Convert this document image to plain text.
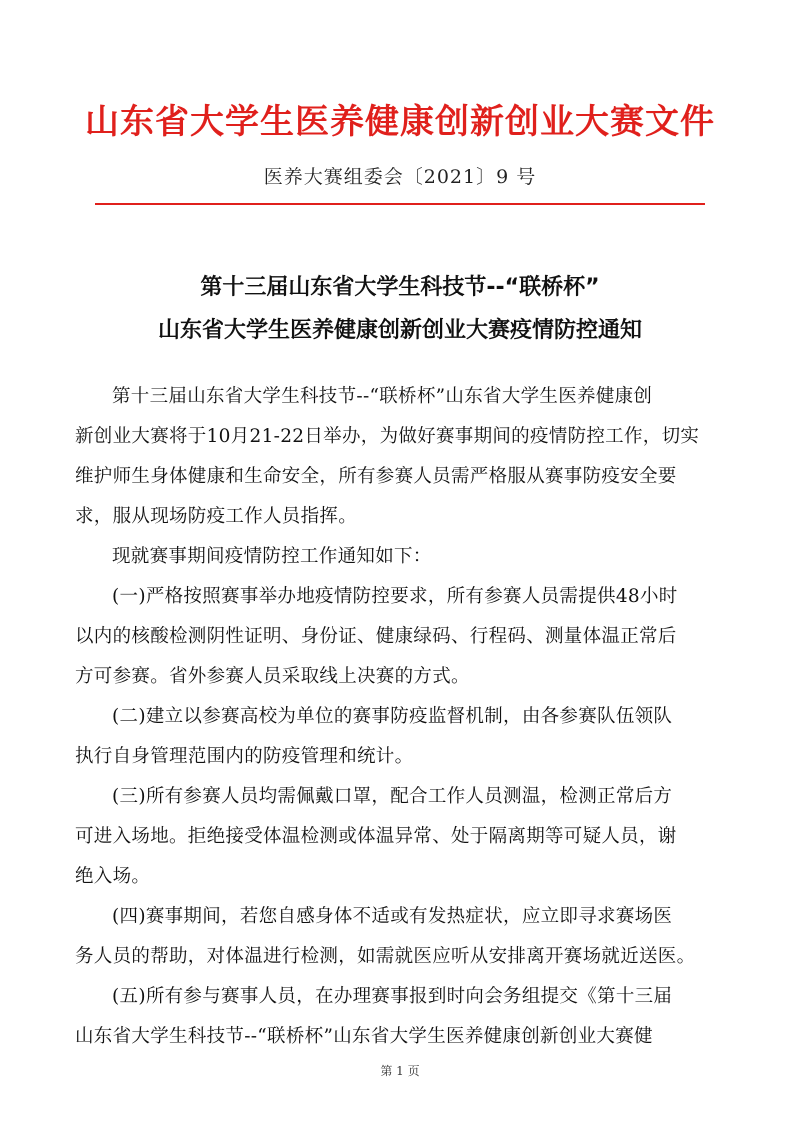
山东省大学生医养健康创新创业大赛文件
医养大赛组委会〔2021〕9 号
第十三届山东省大学生科技节--“联桥杯”
山东省大学生医养健康创新创业大赛疫情防控通知
第十三届山东省大学生科技节--“联桥杯”山东省大学生医养健康创
新创业大赛将于10月21-22日举办，为做好赛事期间的疫情防控工作，切实
维护师生身体健康和生命安全，所有参赛人员需严格服从赛事防疫安全要
求，服从现场防疫工作人员指挥。
现就赛事期间疫情防控工作通知如下：
(一)严格按照赛事举办地疫情防控要求，所有参赛人员需提供48小时
以内的核酸检测阴性证明、身份证、健康绿码、行程码、测量体温正常后
方可参赛。省外参赛人员采取线上决赛的方式。
(二)建立以参赛高校为单位的赛事防疫监督机制，由各参赛队伍领队
执行自身管理范围内的防疫管理和统计。
(三)所有参赛人员均需佩戴口罩，配合工作人员测温，检测正常后方
可进入场地。拒绝接受体温检测或体温异常、处于隔离期等可疑人员，谢
绝入场。
(四)赛事期间，若您自感身体不适或有发热症状，应立即寻求赛场医
务人员的帮助，对体温进行检测，如需就医应听从安排离开赛场就近送医。
(五)所有参与赛事人员，在办理赛事报到时向会务组提交《第十三届
山东省大学生科技节--“联桥杯”山东省大学生医养健康创新创业大赛健
第 1 页
